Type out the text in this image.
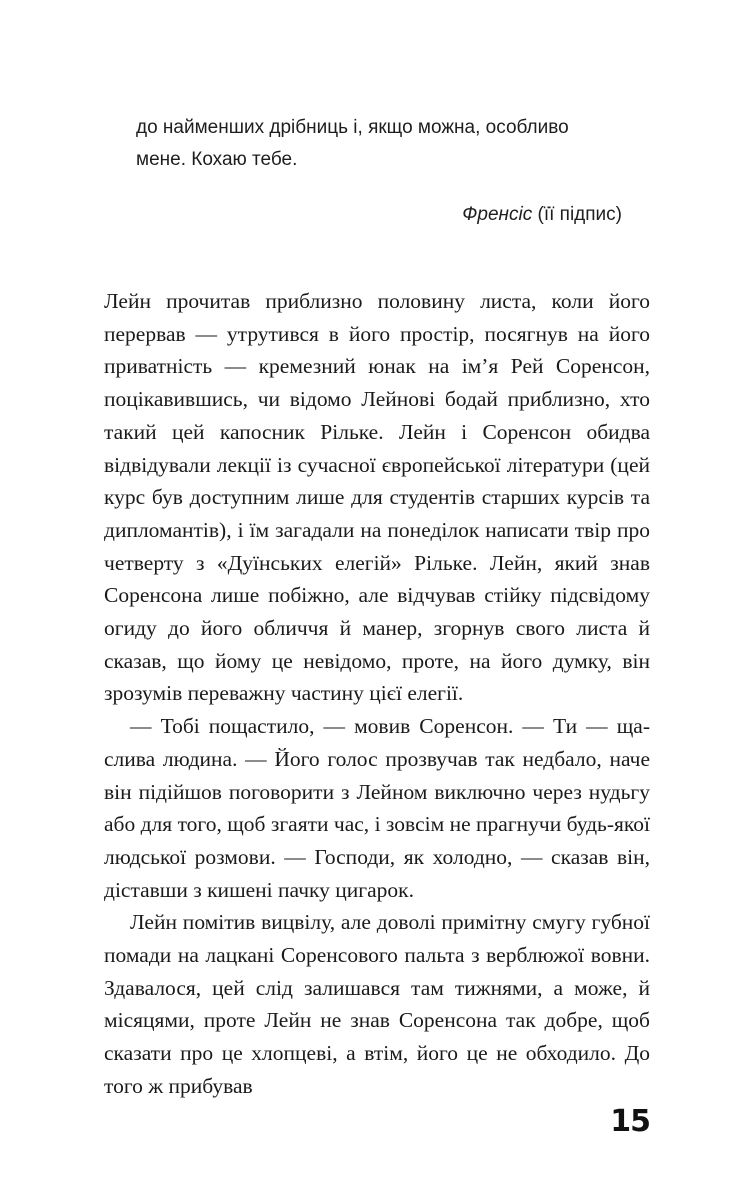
до найменших дрібниць і, якщо можна, особливо мене. Кохаю тебе.

Френсіс (її підпис)

Лейн прочитав приблизно половину листа, коли його перервав — утрутився в його простір, посягнув на його приватність — кремезний юнак на ім’я Рей Соренсон, поцікавившись, чи відомо Лейнові бодай приблизно, хто такий цей капосник Рільке. Лейн і Соренсон обидва відвідували лекції із сучасної європейської літератури (цей курс був доступним лише для студентів старших курсів та дипломантів), і їм загадали на понеділок написати твір про четверту з «Дуїнських елегій» Рільке. Лейн, який знав Соренсона лише побіжно, але відчував стійку підсвідому огиду до його обличчя й манер, згорнув свого листа й сказав, що йому це невідомо, проте, на його думку, він зрозумів переважну частину цієї елегії.

— Тобі пощастило, — мовив Соренсон. — Ти — щаслива людина. — Його голос прозвучав так недбало, наче він підійшов поговорити з Лейном виключно через нудьгу або для того, щоб згаяти час, і зовсім не прагнучи будь-якої людської розмови. — Господи, як холодно, — сказав він, діставши з кишені пачку цигарок.

Лейн помітив вицвілу, але доволі примітну смугу губної помади на лацкані Соренсового пальта з верблюжої вовни. Здавалося, цей слід залишався там тижнями, а може, й місяцями, проте Лейн не знав Соренсона так добре, щоб сказати про це хлопцеві, а втім, його це не обходило. До того ж прибував

15
